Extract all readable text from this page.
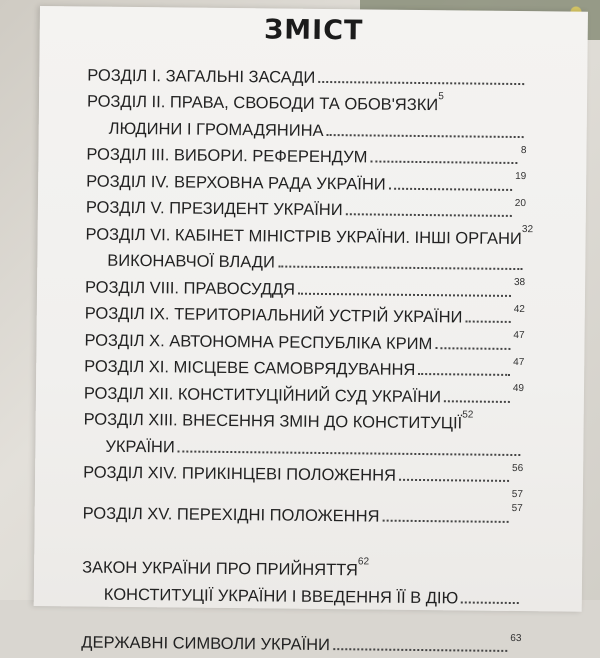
ЗМІСТ
РОЗДІЛ І. ЗАГАЛЬНІ ЗАСАДИ
РОЗДІЛ ІІ. ПРАВА, СВОБОДИ ТА ОБОВ'ЯЗКИ 5
ЛЮДИНИ І ГРОМАДЯНИНА
РОЗДІЛ ІІІ. ВИБОРИ. РЕФЕРЕНДУМ	8
РОЗДІЛ IV. ВЕРХОВНА РАДА УКРАЇНИ	19
РОЗДІЛ V. ПРЕЗИДЕНТ УКРАЇНИ	20
РОЗДІЛ VI. КАБІНЕТ МІНІСТРІВ УКРАЇНИ. ІНШІ ОРГАНИ 32
ВИКОНАВЧОЇ ВЛАДИ
РОЗДІЛ VIII. ПРАВОСУДДЯ	38
РОЗДІЛ IX. ТЕРИТОРІАЛЬНИЙ УСТРІЙ УКРАЇНИ	42
РОЗДІЛ X. АВТОНОМНА РЕСПУБЛІКА КРИМ	47
РОЗДІЛ XI. МІСЦЕВЕ САМОВРЯДУВАННЯ	47
РОЗДІЛ XII. КОНСТИТУЦІЙНИЙ СУД УКРАЇНИ	49
РОЗДІЛ XIII. ВНЕСЕННЯ ЗМІН ДО КОНСТИТУЦІЇ 52
УКРАЇНИ
РОЗДІЛ XIV. ПРИКІНЦЕВІ ПОЛОЖЕННЯ	56
57
РОЗДІЛ XV. ПЕРЕХІДНІ ПОЛОЖЕННЯ	57
ЗАКОН УКРАЇНИ ПРО ПРИЙНЯТТЯ 62
КОНСТИТУЦІЇ УКРАЇНИ І ВВЕДЕННЯ ЇЇ В ДІЮ
ДЕРЖАВНІ СИМВОЛИ УКРАЇНИ	63
